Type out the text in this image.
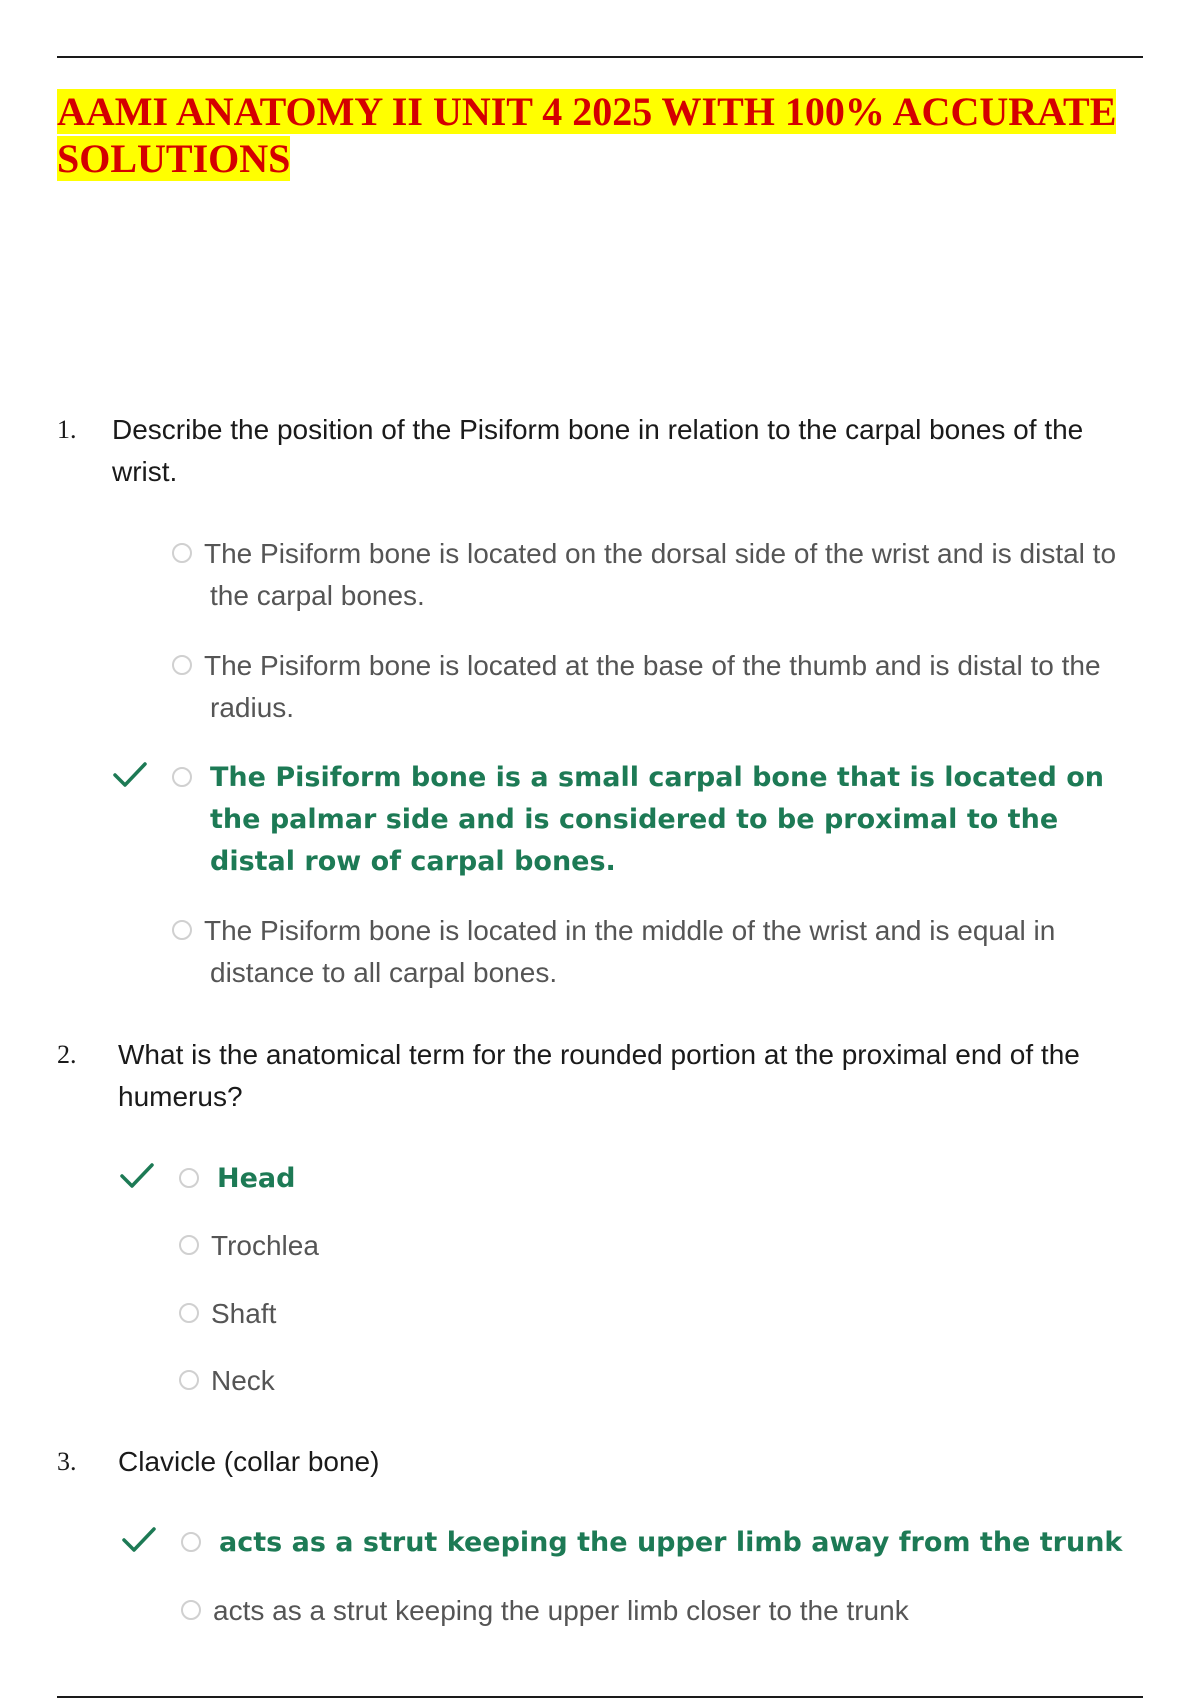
AAMI ANATOMY II UNIT 4 2025 WITH 100% ACCURATE SOLUTIONS
1. Describe the position of the Pisiform bone in relation to the carpal bones of the wrist.
The Pisiform bone is located on the dorsal side of the wrist and is distal to the carpal bones.
The Pisiform bone is located at the base of the thumb and is distal to the radius.
The Pisiform bone is a small carpal bone that is located on the palmar side and is considered to be proximal to the distal row of carpal bones.
The Pisiform bone is located in the middle of the wrist and is equal in distance to all carpal bones.
2. What is the anatomical term for the rounded portion at the proximal end of the humerus?
Head
Trochlea
Shaft
Neck
3. Clavicle (collar bone)
acts as a strut keeping the upper limb away from the trunk
acts as a strut keeping the upper limb closer to the trunk
